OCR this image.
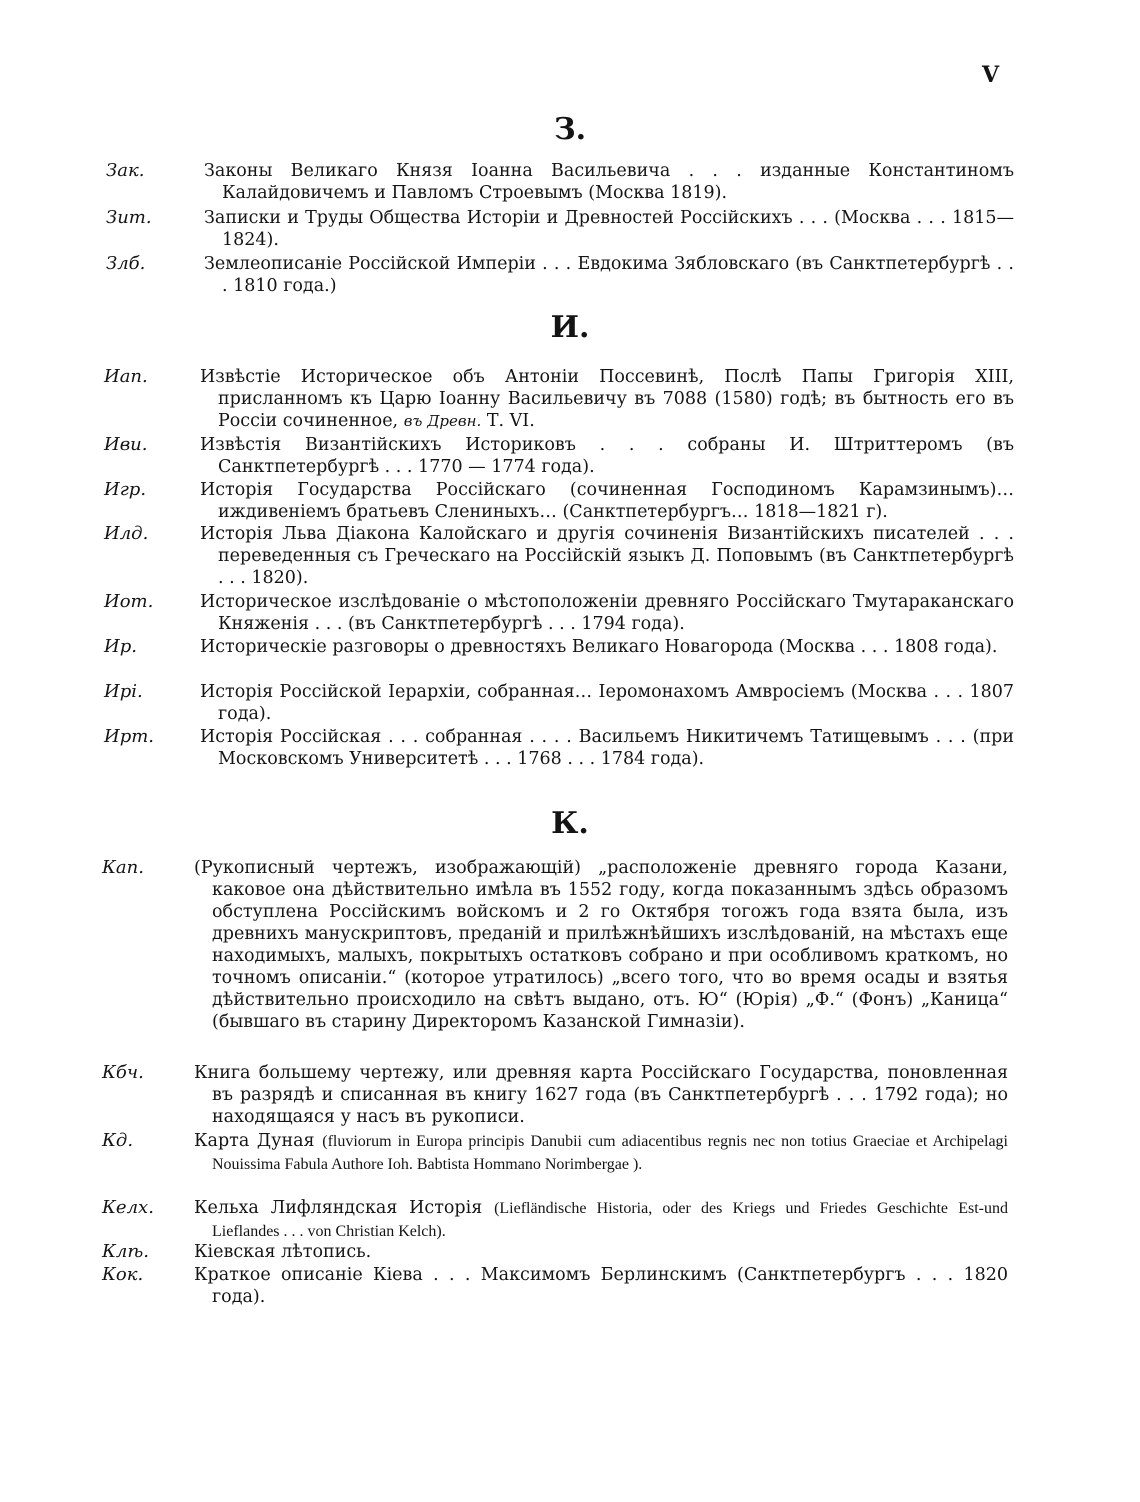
V
З.
Зак.	Законы Великаго Князя Іоанна Васильевича . . . изданные Константиномъ Калайдовичемъ и Павломъ Строевымъ (Москва 1819).
Зит.	Записки и Труды Общества Исторіи и Древностей Россійскихъ . . . (Москва . . . 1815—1824).
Злб.	Землеописаніе Россійской Имперіи . . . Евдокима Зябловскаго (въ Санктпетербургѣ . . . 1810 года.)
И.
Иап.	Извѣстіе Историческое объ Антоніи Поссевинѣ, Послѣ Папы Григорія XIII, присланномъ къ Царю Іоанну Васильевичу въ 7088 (1580) годѣ; въ бытность его въ Россіи сочиненное, въ Древн. Т. VI.
Иви.	Извѣстія Византійскихъ Историковъ . . . собраны И. Штриттеромъ (въ Санктпетербургѣ . . . 1770 — 1774 года).
Игр.	Исторія Государства Россійскаго (сочиненная Господиномъ Карамзинымъ)… иждивеніемъ братьевъ Слениныхъ… (Санктпетербургъ… 1818—1821 г).
Илд.	Исторія Льва Діакона Калойскаго и другія сочиненія Византійскихъ писателей . . . переведенныя съ Греческаго на Россійскій языкъ Д. Поповымъ (въ Санктпетербургѣ . . . 1820).
Иот.	Историческое изслѣдованіе о мѣстоположеніи древняго Россійскаго Тмутараканскаго Княженія . . . (въ Санктпетербургѣ . . . 1794 года).
Ир.	Историческіе разговоры о древностяхъ Великаго Новагорода (Москва . . . 1808 года).
Ирі.	Исторія Россійской Іерархіи, собранная… Іеромонахомъ Амвросіемъ (Москва . . . 1807 года).
Ирт.	Исторія Россійская . . . собранная . . . . Васильемъ Никитичемъ Татищевымъ . . . (при Московскомъ Университетѣ . . . 1768 . . . 1784 года).
К.
Кап.	(Рукописный чертежъ, изображающій) „расположеніе древняго города Казани, каковое она дѣйствительно имѣла въ 1552 году, когда показаннымъ здѣсь образомъ обступлена Россійскимъ войскомъ и 2 го Октября тогожъ года взята была, изъ древнихъ манускриптовъ, преданій и прилѣжнѣйшихъ изслѣдованій, на мѣстахъ еще находимыхъ, малыхъ, покрытыхъ остатковъ собрано и при особливомъ краткомъ, но точномъ описаніи.“ (которое утратилось) „всего того, что во время осады и взятья дѣйствительно происходило на свѣтъ выдано, отъ. Ю“ (Юрія) „Ф.“ (Фонъ) „Каница“ (бывшаго въ старину Директоромъ Казанской Гимназіи).
Кбч.	Книга большему чертежу, или древняя карта Россійскаго Государства, поновленная въ разрядѣ и списанная въ книгу 1627 года (въ Санктпетербургѣ . . . 1792 года); но находящаяся у насъ въ рукописи.
Кд.	Карта Дуная (fluviorum in Europa principis Danubii cum adiacentibus regnis nec non totius Graeciae et Archipelagi Nouissima Fabula Authore Ioh. Babtista Hommano Norimbergae ).
Келх. Кельха Лифляндская Исторія (Liefländische Historia, oder des Kriegs und Friedes Geschichte Est-und Lieflandes . . . von Christian Kelch).
Клѣ.	Кіевская лѣтопись.
Кок.	Краткое описаніе Кіева . . . Максимомъ Берлинскимъ (Санктпетербургъ . . . 1820 года).
